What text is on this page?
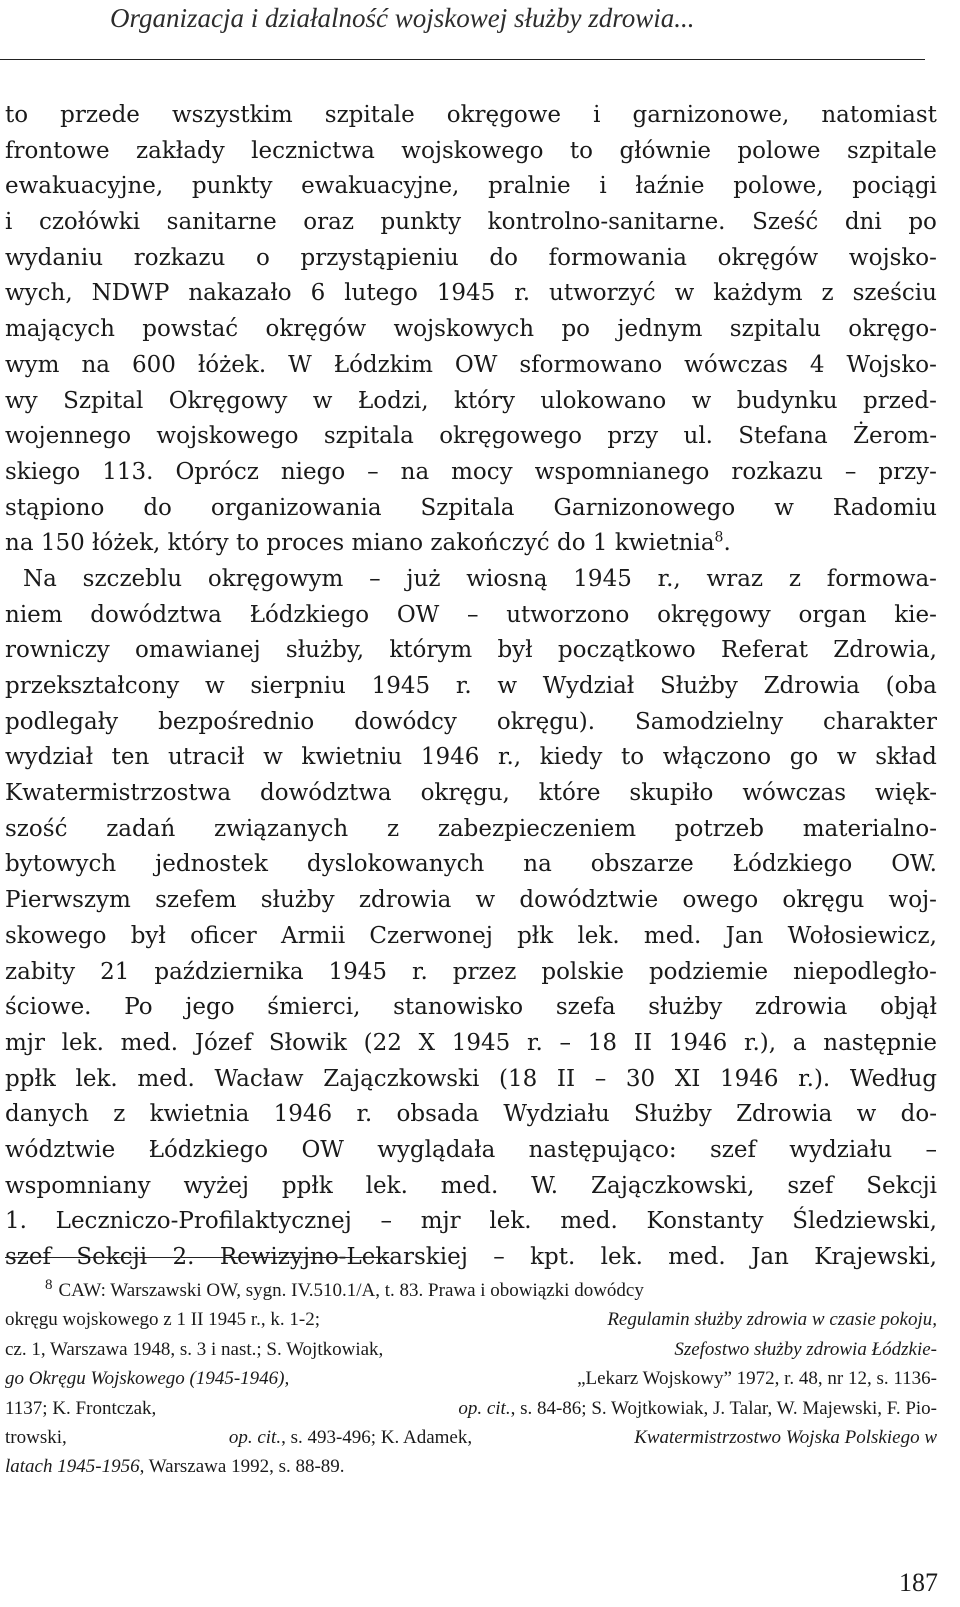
Organizacja i działalność wojskowej służby zdrowia...
to przede wszystkim szpitale okręgowe i garnizonowe, natomiast
frontowe zakłady lecznictwa wojskowego to głównie polowe szpitale
ewakuacyjne, punkty ewakuacyjne, pralnie i łaźnie polowe, pociągi
i czołówki sanitarne oraz punkty kontrolno-sanitarne. Sześć dni po
wydaniu rozkazu o przystąpieniu do formowania okręgów wojsko-
wych, NDWP nakazało 6 lutego 1945 r. utworzyć w każdym z sześciu
mających powstać okręgów wojskowych po jednym szpitalu okręgo-
wym na 600 łóżek. W Łódzkim OW sformowano wówczas 4 Wojsko-
wy Szpital Okręgowy w Łodzi, który ulokowano w budynku przed-
wojennego wojskowego szpitala okręgowego przy ul. Stefana Żerom-
skiego 113. Oprócz niego – na mocy wspomnianego rozkazu – przy-
stąpiono do organizowania Szpitala Garnizonowego w Radomiu
na 150 łóżek, który to proces miano zakończyć do 1 kwietnia $^8$.
Na szczeblu okręgowym – już wiosną 1945 r., wraz z formowa-
niem dowództwa Łódzkiego OW – utworzono okręgowy organ kie-
rowniczy omawianej służby, którym był początkowo Referat Zdrowia,
przekształcony w sierpniu 1945 r. w Wydział Służby Zdrowia (oba
podlegały bezpośrednio dowódcy okręgu). Samodzielny charakter
wydział ten utracił w kwietniu 1946 r., kiedy to włączono go w skład
Kwatermistrzostwa dowództwa okręgu, które skupiło wówczas więk-
szość zadań związanych z zabezpieczeniem potrzeb materialno-
bytowych jednostek dyslokowanych na obszarze Łódzkiego OW.
Pierwszym szefem służby zdrowia w dowództwie owego okręgu woj-
skowego był oficer Armii Czerwonej płk lek. med. Jan Wołosiewicz,
zabity 21 października 1945 r. przez polskie podziemie niepodległo-
ściowe. Po jego śmierci, stanowisko szefa służby zdrowia objął
mjr lek. med. Józef Słowik (22 X 1945 r. – 18 II 1946 r.), a następnie
ppłk lek. med. Wacław Zajączkowski (18 II – 30 XI 1946 r.). Według
danych z kwietnia 1946 r. obsada Wydziału Służby Zdrowia w do-
wództwie Łódzkiego OW wyglądała następująco: szef wydziału –
wspomniany wyżej ppłk lek. med. W. Zajączkowski, szef Sekcji
1. Leczniczo-Profilaktycznej – mjr lek. med. Konstanty Śledziewski,
szef Sekcji 2. Rewizyjno-Lekarskiej – kpt. lek. med. Jan Krajewski,
$^8$ CAW: Warszawski OW, sygn. IV.510.1/A, t. 83. Prawa i obowiązki dowódcy
okręgu wojskowego z 1 II 1945 r., k. 1-2;	Regulamin służby zdrowia w czasie pokoju,
cz. 1, Warszawa 1948, s. 3 i nast.; S. Wojtkowiak,	Szefostwo służby zdrowia Łódzkie-
go Okręgu Wojskowego (1945-1946),	„Lekarz Wojskowy” 1972, r. 48, nr 12, s. 1136-
1137; K. Frontczak,	op. cit., s. 84-86; S. Wojtkowiak, J. Talar, W. Majewski, F. Pio-
trowski,	op. cit., s. 493-496; K. Adamek,	Kwatermistrzostwo Wojska Polskiego w
latach 1945-1956, Warszawa 1992, s. 88-89.
187
